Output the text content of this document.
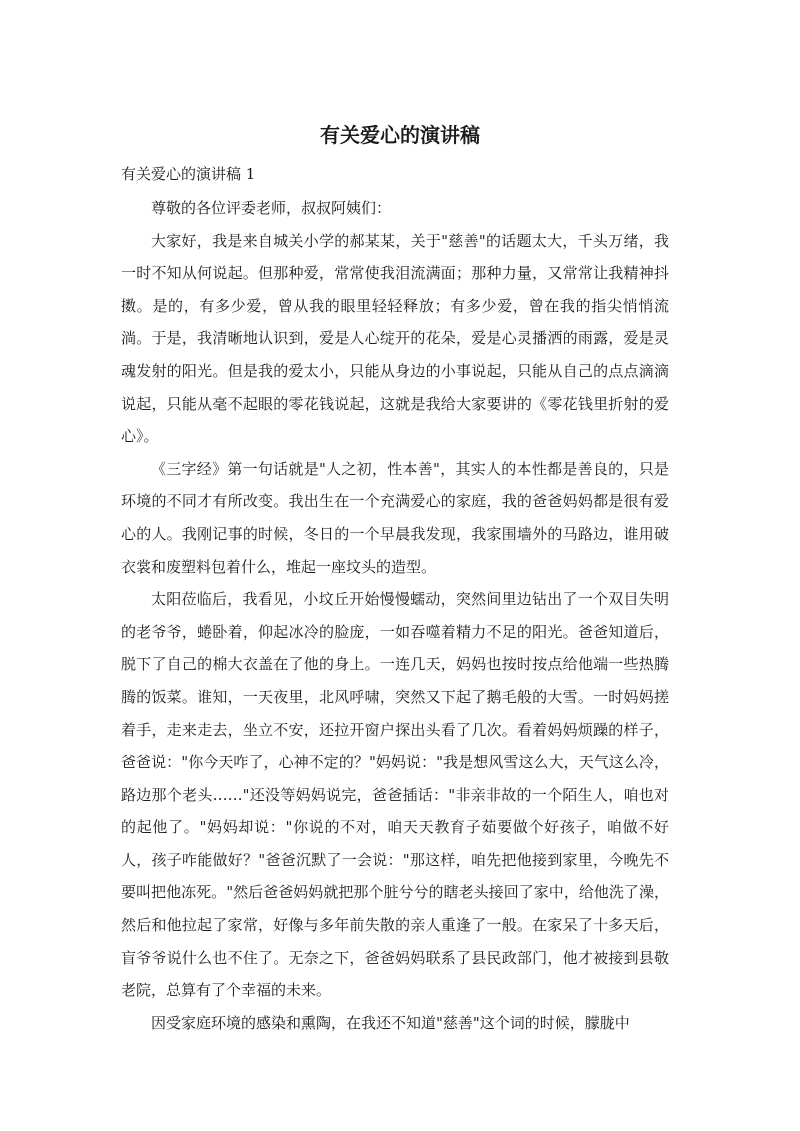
有关爱心的演讲稿

有关爱心的演讲稿 1

尊敬的各位评委老师，叔叔阿姨们：

大家好，我是来自城关小学的郝某某，关于"慈善"的话题太大，千头万绪，我一时不知从何说起。但那种爱，常常使我泪流满面；那种力量，又常常让我精神抖擞。是的，有多少爱，曾从我的眼里轻轻释放；有多少爱，曾在我的指尖悄悄流淌。于是，我清晰地认识到，爱是人心绽开的花朵，爱是心灵播洒的雨露，爱是灵魂发射的阳光。但是我的爱太小，只能从身边的小事说起，只能从自己的点点滴滴说起，只能从毫不起眼的零花钱说起，这就是我给大家要讲的《零花钱里折射的爱心》。

《三字经》第一句话就是"人之初，性本善"，其实人的本性都是善良的，只是环境的不同才有所改变。我出生在一个充满爱心的家庭，我的爸爸妈妈都是很有爱心的人。我刚记事的时候，冬日的一个早晨我发现，我家围墙外的马路边，谁用破衣裳和废塑料包着什么，堆起一座坟头的造型。

太阳莅临后，我看见，小坟丘开始慢慢蠕动，突然间里边钻出了一个双目失明的老爷爷，蜷卧着，仰起冰冷的脸庞，一如吞噬着精力不足的阳光。爸爸知道后，脱下了自己的棉大衣盖在了他的身上。一连几天，妈妈也按时按点给他端一些热腾腾的饭菜。谁知，一天夜里，北风呼啸，突然又下起了鹅毛般的大雪。一时妈妈搓着手，走来走去，坐立不安，还拉开窗户探出头看了几次。看着妈妈烦躁的样子，爸爸说："你今天咋了，心神不定的？"妈妈说："我是想风雪这么大，天气这么冷，路边那个老头……"还没等妈妈说完，爸爸插话："非亲非故的一个陌生人，咱也对的起他了。"妈妈却说："你说的不对，咱天天教育子茹要做个好孩子，咱做不好人，孩子咋能做好？"爸爸沉默了一会说："那这样，咱先把他接到家里，今晚先不要叫把他冻死。"然后爸爸妈妈就把那个脏兮兮的瞎老头接回了家中，给他洗了澡，然后和他拉起了家常，好像与多年前失散的亲人重逢了一般。在家呆了十多天后，盲爷爷说什么也不住了。无奈之下，爸爸妈妈联系了县民政部门，他才被接到县敬老院，总算有了个幸福的未来。

因受家庭环境的感染和熏陶，在我还不知道"慈善"这个词的时候，朦胧中
